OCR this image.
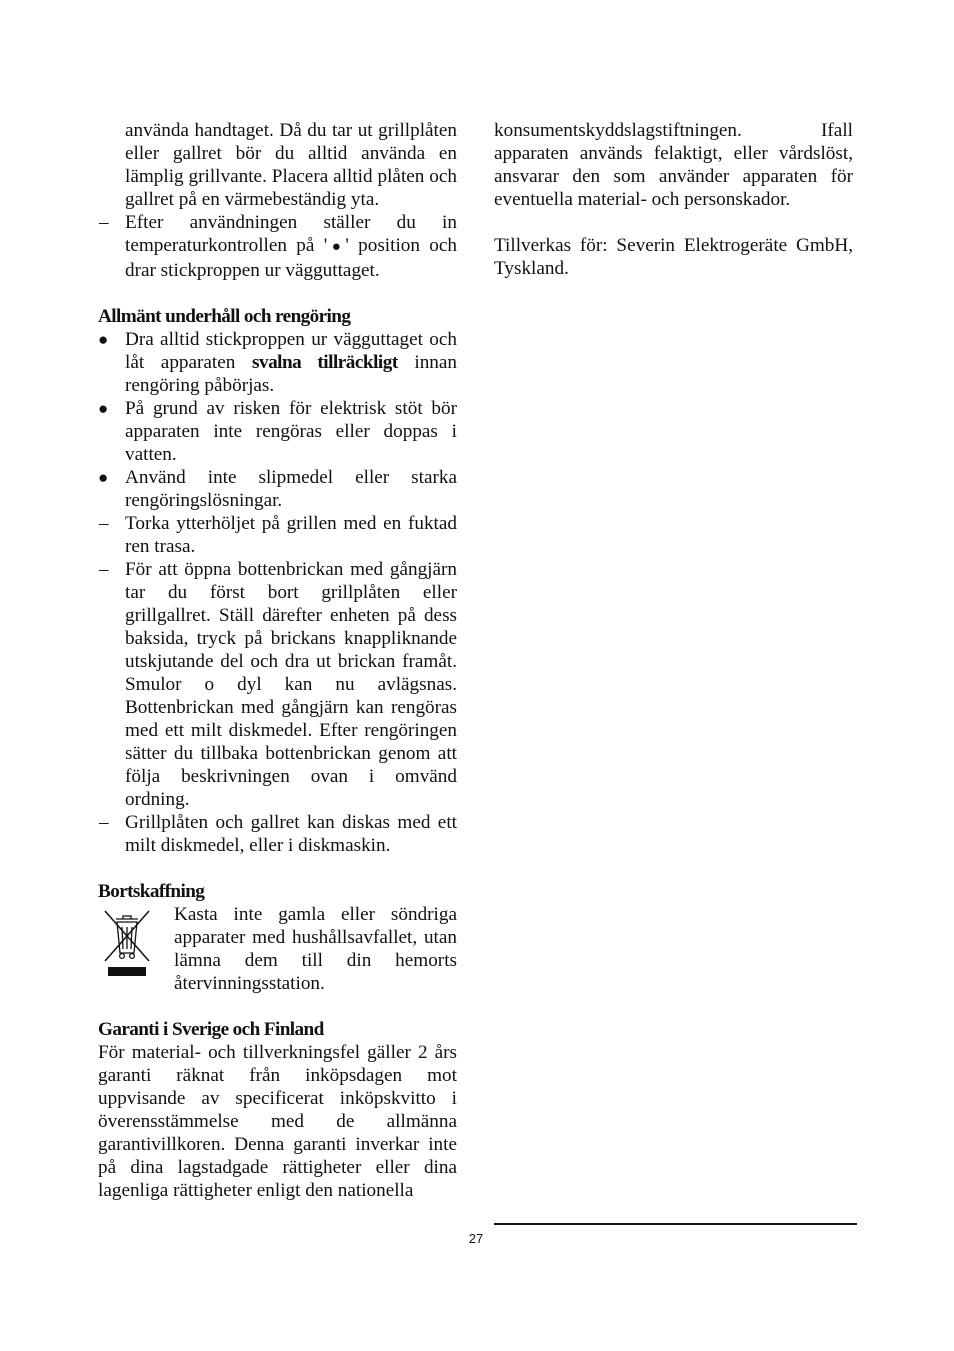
använda handtaget. Då du tar ut grillplåten eller gallret bör du alltid använda en lämplig grillvante. Placera alltid plåten och gallret på en värmebeständig yta.

– Efter användningen ställer du in temperaturkontrollen på '●' position och drar stickproppen ur vägguttaget.
Allmänt underhåll och rengöring
● Dra alltid stickproppen ur vägguttaget och låt apparaten svalna tillräckligt innan rengöring påbörjas.
● På grund av risken för elektrisk stöt bör apparaten inte rengöras eller doppas i vatten.
● Använd inte slipmedel eller starka rengöringslösningar.
– Torka ytterhöljet på grillen med en fuktad ren trasa.
– För att öppna bottenbrickan med gångjärn tar du först bort grillplåten eller grillgallret. Ställ därefter enheten på dess baksida, tryck på brickans knappliknande utskjutande del och dra ut brickan framåt. Smulor o dyl kan nu avlägsnas. Bottenbrickan med gångjärn kan rengöras med ett milt diskmedel. Efter rengöringen sätter du tillbaka bottenbrickan genom att följa beskrivningen ovan i omvänd ordning.
– Grillplåten och gallret kan diskas med ett milt diskmedel, eller i diskmaskin.
Bortskaffning

Kasta inte gamla eller söndriga apparater med hushållsavfallet, utan lämna dem till din hemorts återvinningsstation.

Garanti i Sverige och Finland

För material- och tillverkningsfel gäller 2 års garanti räknat från inköpsdagen mot uppvisande av specificerat inköpskvitto i överensstämmelse med de allmänna garantivillkoren. Denna garanti inverkar inte på dina lagstadgade rättigheter eller dina lagenliga rättigheter enligt den nationella

konsumentskyddslagstiftningen. Ifall apparaten används felaktigt, eller vårdslöst, ansvarar den som använder apparaten för eventuella material- och personskador.

Tillverkas för: Severin Elektrogeräte GmbH, Tyskland.

27
